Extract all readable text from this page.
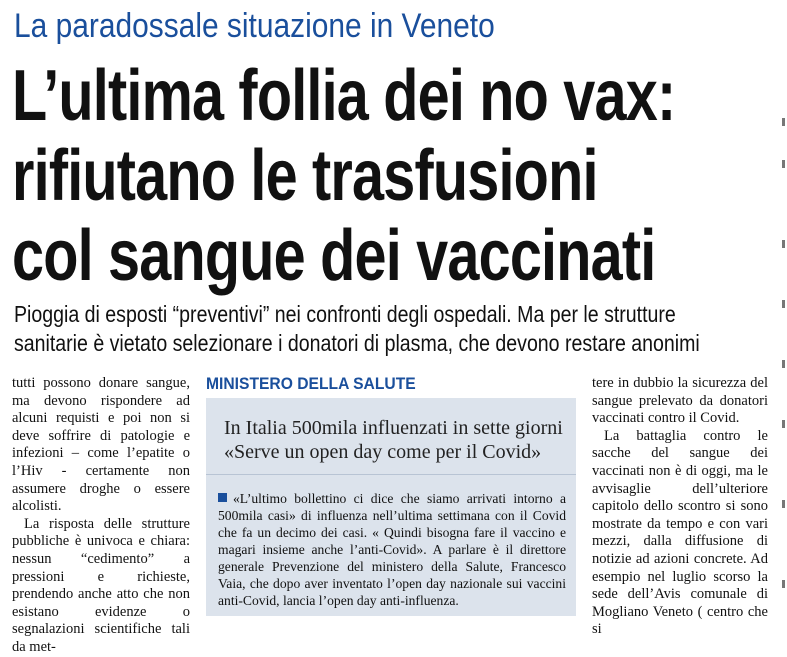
La paradossale situazione in Veneto
L’ultima follia dei no vax:
rifiutano le trasfusioni
col sangue dei vaccinati
Pioggia di esposti “preventivi” nei confronti degli ospedali. Ma per le strutture
sanitarie è vietato selezionare i donatori di plasma, che devono restare anonimi

tutti possono donare sangue, ma devono rispondere ad alcuni requisti e poi non si deve soffrire di patologie e infezioni – come l’epatite o l’Hiv - certamente non assumere droghe o essere alcolisti.

La risposta delle strutture pubbliche è univoca e chiara: nessun “cedimento” a pressioni e richieste, prendendo anche atto che non esistano evidenze o segnalazioni scientifiche tali da met-

MINISTERO DELLA SALUTE
In Italia 500mila influenzati in sette giorni
«Serve un open day come per il Covid»
«L’ultimo bollettino ci dice che siamo arrivati intorno a 500mila casi» di influenza nell’ultima settimana con il Covid che fa un decimo dei casi. « Quindi bisogna fare il vaccino e magari insieme anche l’anti-Covid». A parlare è il direttore generale Prevenzione del ministero della Salute, Francesco Vaia, che dopo aver inventato l’open day nazionale sui vaccini anti-Covid, lancia l’open day anti-influenza.

tere in dubbio la sicurezza del sangue prelevato da donatori vaccinati contro il Covid.

La battaglia contro le sacche del sangue dei vaccinati non è di oggi, ma le avvisaglie dell’ulteriore capitolo dello scontro si sono mostrate da tempo e con vari mezzi, dalla diffusione di notizie ad azioni concrete. Ad esempio nel luglio scorso la sede dell’Avis comunale di Mogliano Veneto ( centro che si
